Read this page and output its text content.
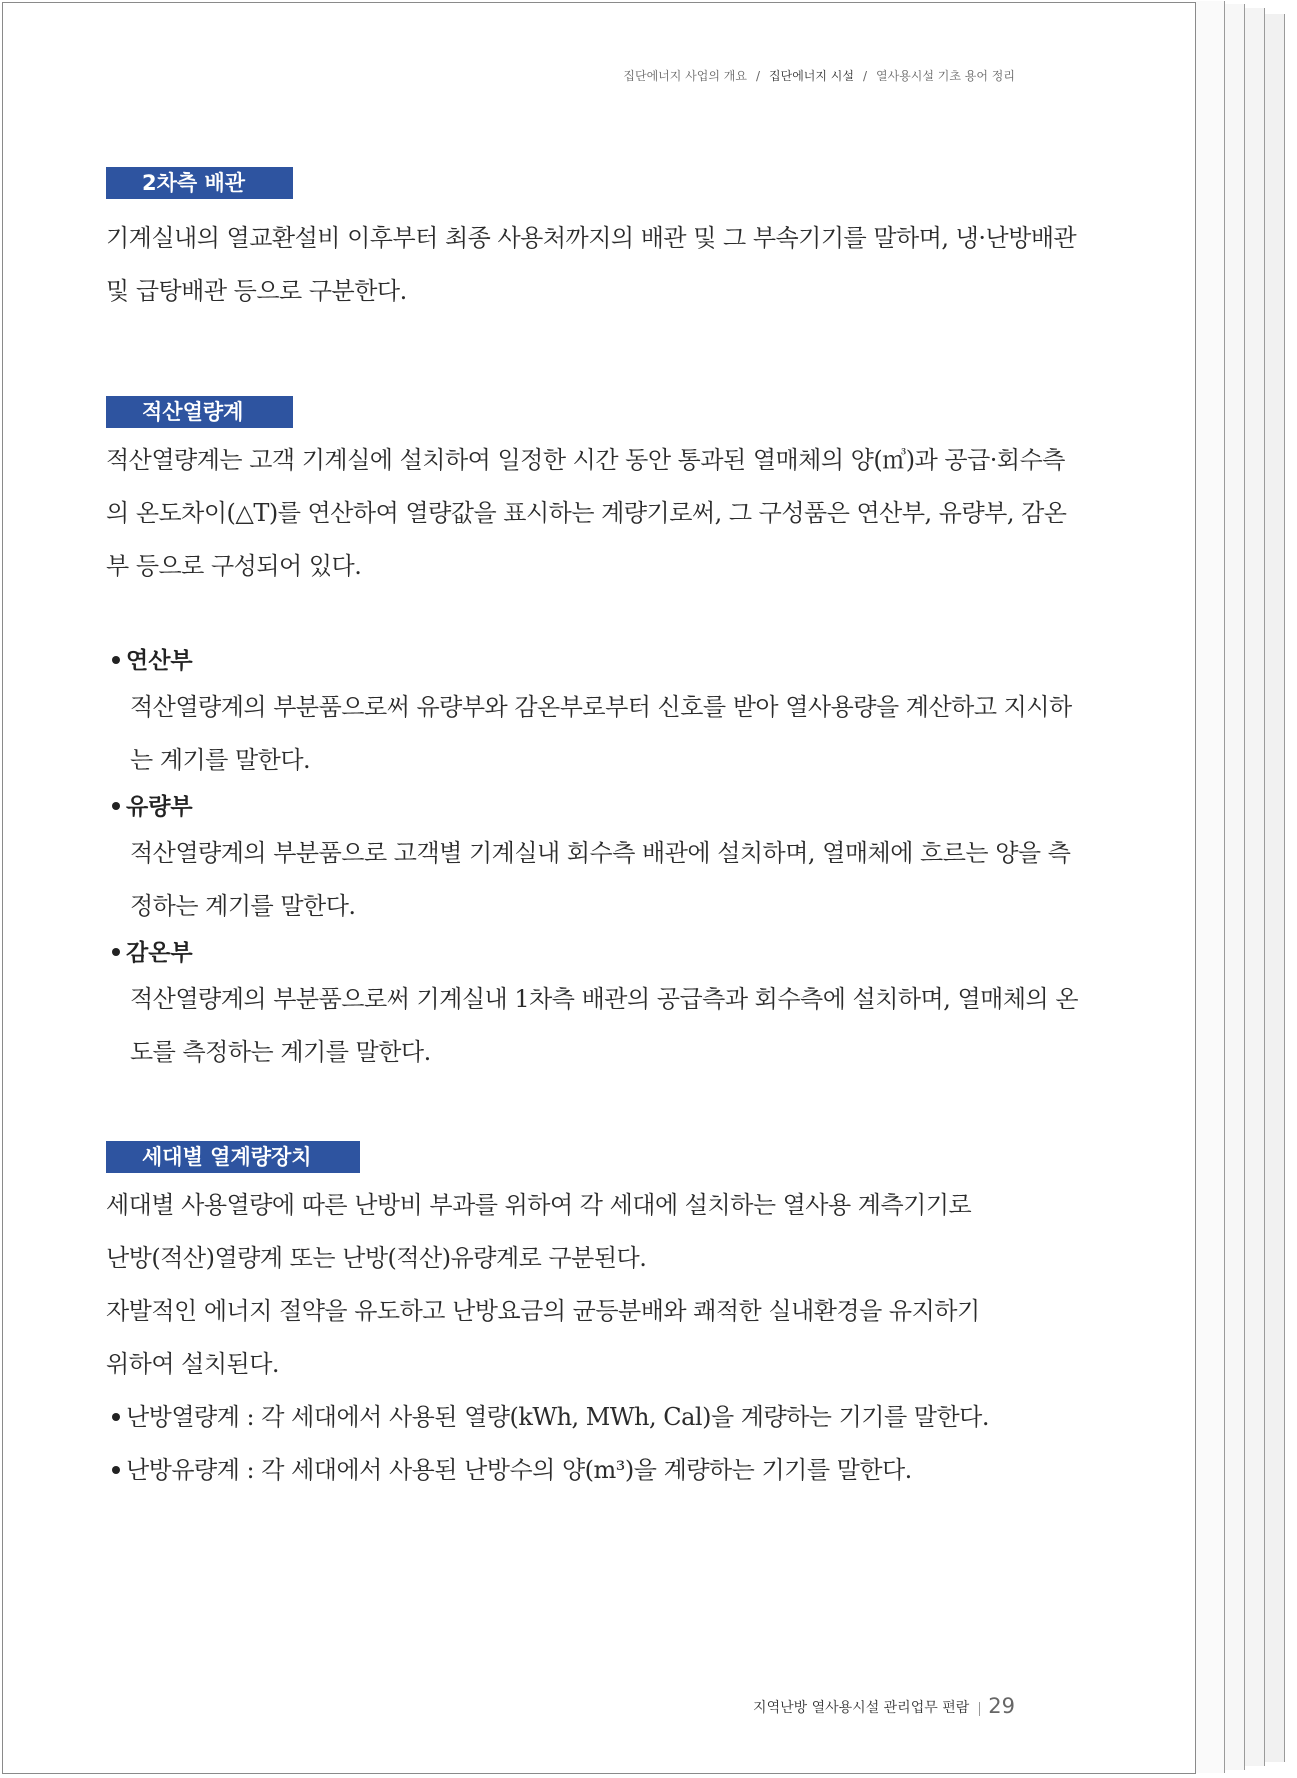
집단에너지 사업의 개요 / 집단에너지 시설 / 열사용시설 기초 용어 정리
2차측 배관

기계실내의 열교환설비 이후부터 최종 사용처까지의 배관 및 그 부속기기를 말하며, 냉·난방배관

및 급탕배관 등으로 구분한다.

적산열량계

적산열량계는 고객 기계실에 설치하여 일정한 시간 동안 통과된 열매체의 양(㎥)과 공급·회수측

의 온도차이(△T)를 연산하여 열량값을 표시하는 계량기로써, 그 구성품은 연산부, 유량부, 감온

부 등으로 구성되어 있다.

연산부

적산열량계의 부분품으로써 유량부와 감온부로부터 신호를 받아 열사용량을 계산하고 지시하

는 계기를 말한다.

유량부

적산열량계의 부분품으로 고객별 기계실내 회수측 배관에 설치하며, 열매체에 흐르는 양을 측

정하는 계기를 말한다.

감온부

적산열량계의 부분품으로써 기계실내 1차측 배관의 공급측과 회수측에 설치하며, 열매체의 온

도를 측정하는 계기를 말한다.

세대별 열계량장치

세대별 사용열량에 따른 난방비 부과를 위하여 각 세대에 설치하는 열사용 계측기기로

난방(적산)열량계 또는 난방(적산)유량계로 구분된다.

자발적인 에너지 절약을 유도하고 난방요금의 균등분배와 쾌적한 실내환경을 유지하기

위하여 설치된다.

난방열량계 : 각 세대에서 사용된 열량(kWh, MWh, Cal)을 계량하는 기기를 말한다.

난방유량계 : 각 세대에서 사용된 난방수의 양(m³)을 계량하는 기기를 말한다.

지역난방 열사용시설 관리업무 편람 29
